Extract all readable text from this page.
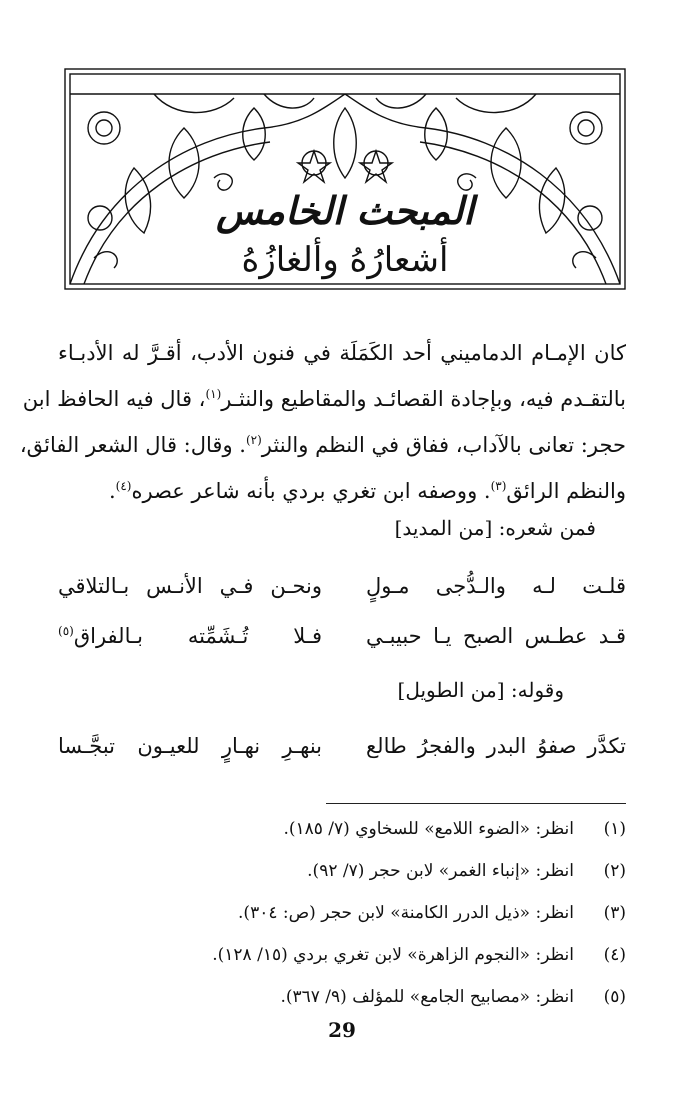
المبحث الخامس
أشعارُهُ وألغازُهُ
كان الإمـام الدماميني أحد الكَمَلَة في فنون الأدب، أقـرَّ له الأدبـاء
بالتقـدم فيه، وبإجادة القصائـد والمقاطيع والنثـر$^{(١)}$، قال فيه الحافظ ابن
حجر: تعانى بالآداب، ففاق في النظم والنثر$^{(٢)}$. وقال: قال الشعر الفائق،
والنظم الرائق$^{(٣)}$. ووصفه ابن تغري بردي بأنه شاعر عصره$^{(٤)}$.
فمن شعره: [من المديد]
قلـت لـه والـدُّجى مـولٍ
ونحـن فـي الأنـس بـالتلاقي
قـد عطـس الصبح يـا حبيبـي
فـلا تُـشَمِّته بـالفراق$^{(٥)}$
وقوله: [من الطويل]
تكدَّر صفوُ البدر والفجرُ طالع
بنهـرِ نهـارٍ للعيـون تبجَّـسا
(١)انظر: «الضوء اللامع» للسخاوي (٧/ ١٨٥).
(٢)انظر: «إنباء الغمر» لابن حجر (٧/ ٩٢).
(٣)انظر: «ذيل الدرر الكامنة» لابن حجر (ص: ٣٠٤).
(٤)انظر: «النجوم الزاهرة» لابن تغري بردي (١٥/ ١٢٨).
(٥)انظر: «مصابيح الجامع» للمؤلف (٩/ ٣٦٧).
29
